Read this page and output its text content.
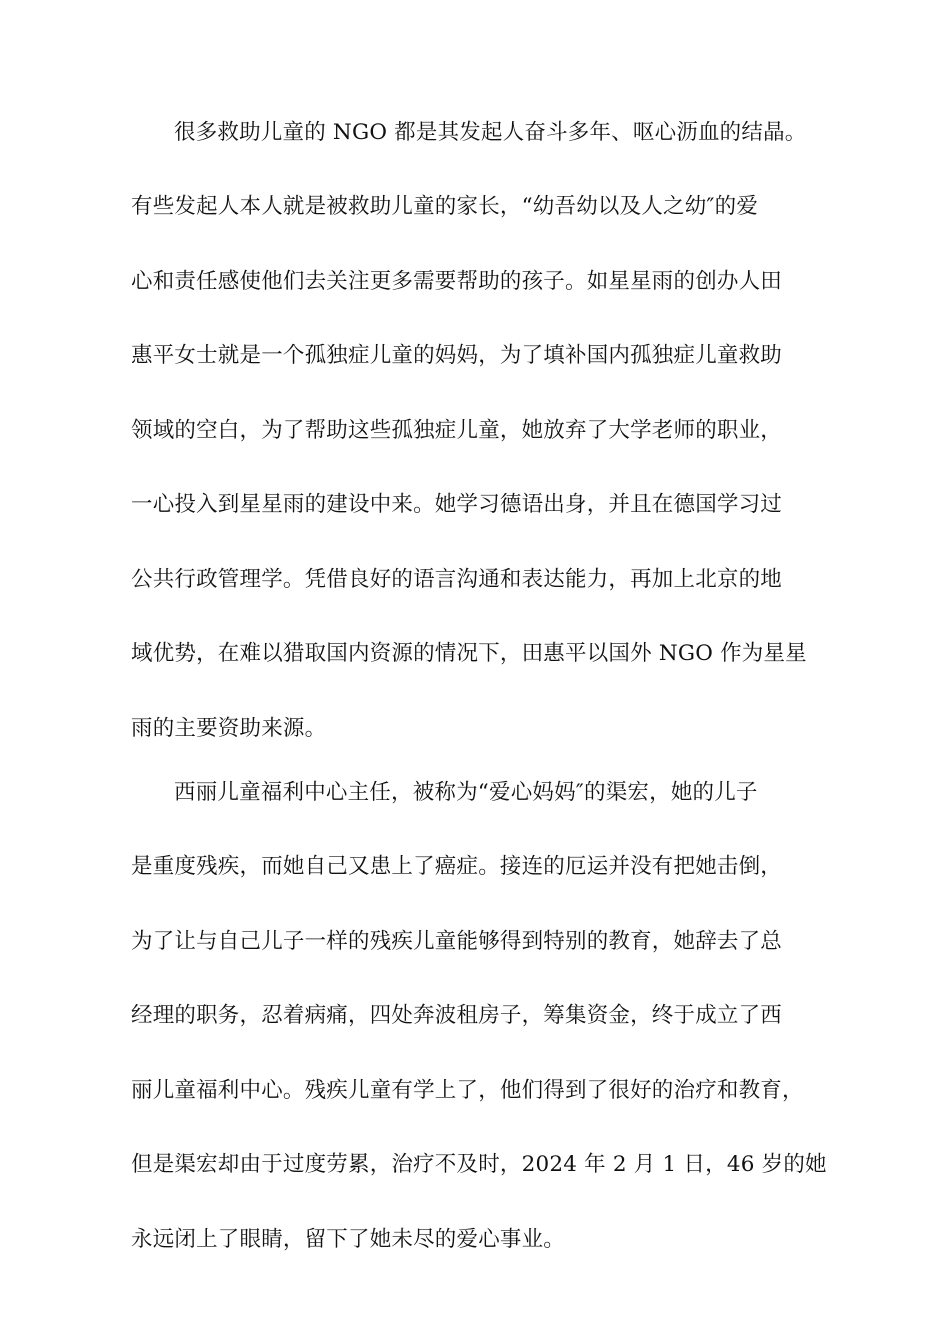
很多救助儿童的 NGO 都是其发起人奋斗多年、呕心沥血的结晶。
有些发起人本人就是被救助儿童的家长，“幼吾幼以及人之幼″的爱
心和责任感使他们去关注更多需要帮助的孩子。如星星雨的创办人田
惠平女士就是一个孤独症儿童的妈妈，为了填补国内孤独症儿童救助
领域的空白，为了帮助这些孤独症儿童，她放弃了大学老师的职业，
一心投入到星星雨的建设中来。她学习德语出身，并且在德国学习过
公共行政管理学。凭借良好的语言沟通和表达能力，再加上北京的地
域优势，在难以猎取国内资源的情况下，田惠平以国外 NGO 作为星星
雨的主要资助来源。
西丽儿童福利中心主任，被称为“爱心妈妈″的渠宏，她的儿子
是重度残疾，而她自己又患上了癌症。接连的厄运并没有把她击倒，
为了让与自己儿子一样的残疾儿童能够得到特别的教育，她辞去了总
经理的职务，忍着病痛，四处奔波租房子，筹集资金，终于成立了西
丽儿童福利中心。残疾儿童有学上了，他们得到了很好的治疗和教育，
但是渠宏却由于过度劳累，治疗不及时，2024 年 2 月 1 日，46 岁的她
永远闭上了眼睛，留下了她未尽的爱心事业。
